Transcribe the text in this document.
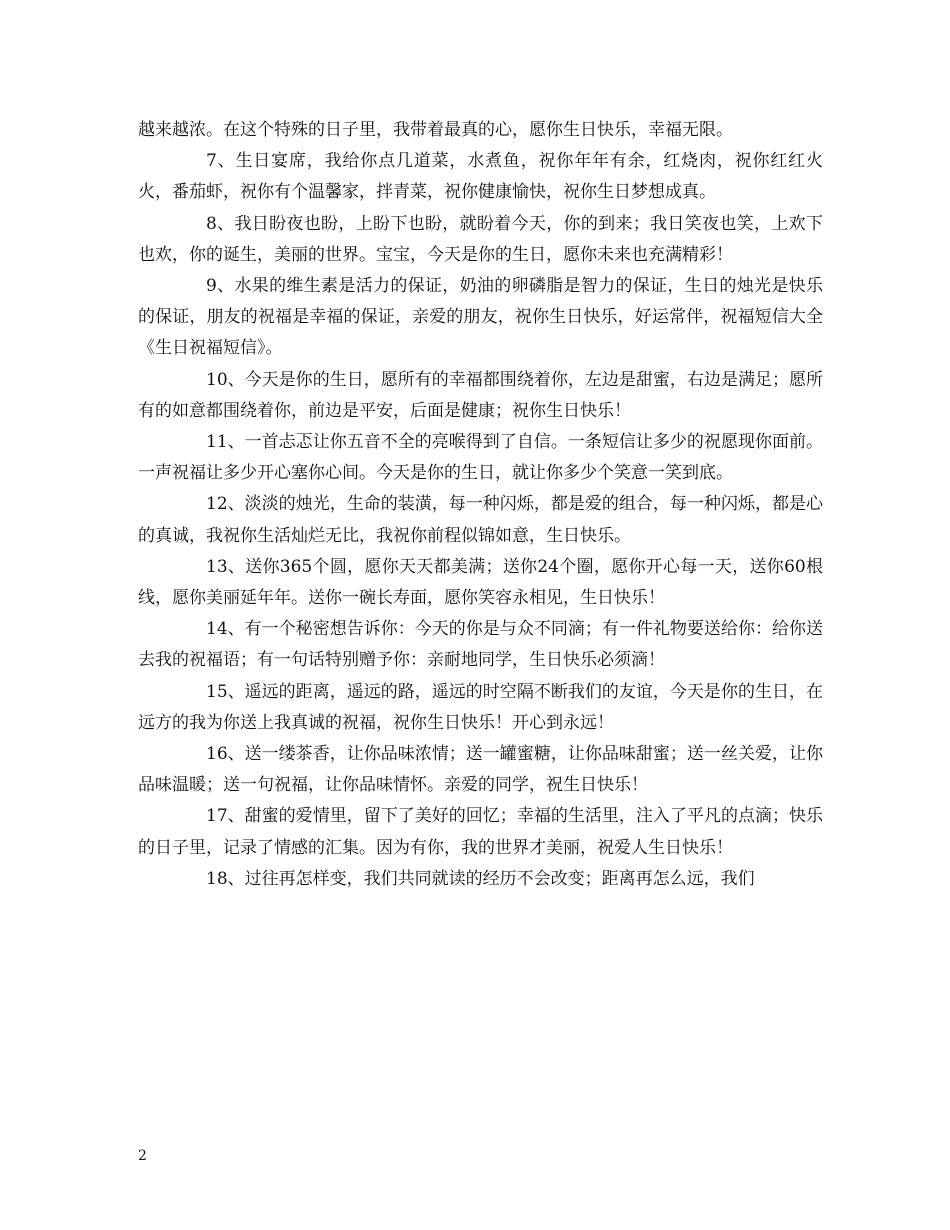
越来越浓。在这个特殊的日子里，我带着最真的心，愿你生日快乐，幸福无限。

7、生日宴席，我给你点几道菜，水煮鱼，祝你年年有余，红烧肉，祝你红红火火，番茄虾，祝你有个温馨家，拌青菜，祝你健康愉快，祝你生日梦想成真。

8、我日盼夜也盼，上盼下也盼，就盼着今天，你的到来；我日笑夜也笑，上欢下也欢，你的诞生，美丽的世界。宝宝，今天是你的生日，愿你未来也充满精彩！

9、水果的维生素是活力的保证，奶油的卵磷脂是智力的保证，生日的烛光是快乐的保证，朋友的祝福是幸福的保证，亲爱的朋友，祝你生日快乐，好运常伴，祝福短信大全《生日祝福短信》。

10、今天是你的生日，愿所有的幸福都围绕着你，左边是甜蜜，右边是满足；愿所有的如意都围绕着你，前边是平安，后面是健康；祝你生日快乐！

11、一首忐忑让你五音不全的亮喉得到了自信。一条短信让多少的祝愿现你面前。一声祝福让多少开心塞你心间。今天是你的生日，就让你多少个笑意一笑到底。

12、淡淡的烛光，生命的装潢，每一种闪烁，都是爱的组合，每一种闪烁，都是心的真诚，我祝你生活灿烂无比，我祝你前程似锦如意，生日快乐。

13、送你365个圆，愿你天天都美满；送你24个圈，愿你开心每一天，送你60根线，愿你美丽延年年。送你一碗长寿面，愿你笑容永相见，生日快乐！

14、有一个秘密想告诉你：今天的你是与众不同滴；有一件礼物要送给你：给你送去我的祝福语；有一句话特别赠予你：亲耐地同学，生日快乐必须滴！

15、遥远的距离，遥远的路，遥远的时空隔不断我们的友谊，今天是你的生日，在远方的我为你送上我真诚的祝福，祝你生日快乐！开心到永远！

16、送一缕茶香，让你品味浓情；送一罐蜜糖，让你品味甜蜜；送一丝关爱，让你品味温暖；送一句祝福，让你品味情怀。亲爱的同学，祝生日快乐！

17、甜蜜的爱情里，留下了美好的回忆；幸福的生活里，注入了平凡的点滴；快乐的日子里，记录了情感的汇集。因为有你，我的世界才美丽，祝爱人生日快乐！

18、过往再怎样变，我们共同就读的经历不会改变；距离再怎么远，我们

2
